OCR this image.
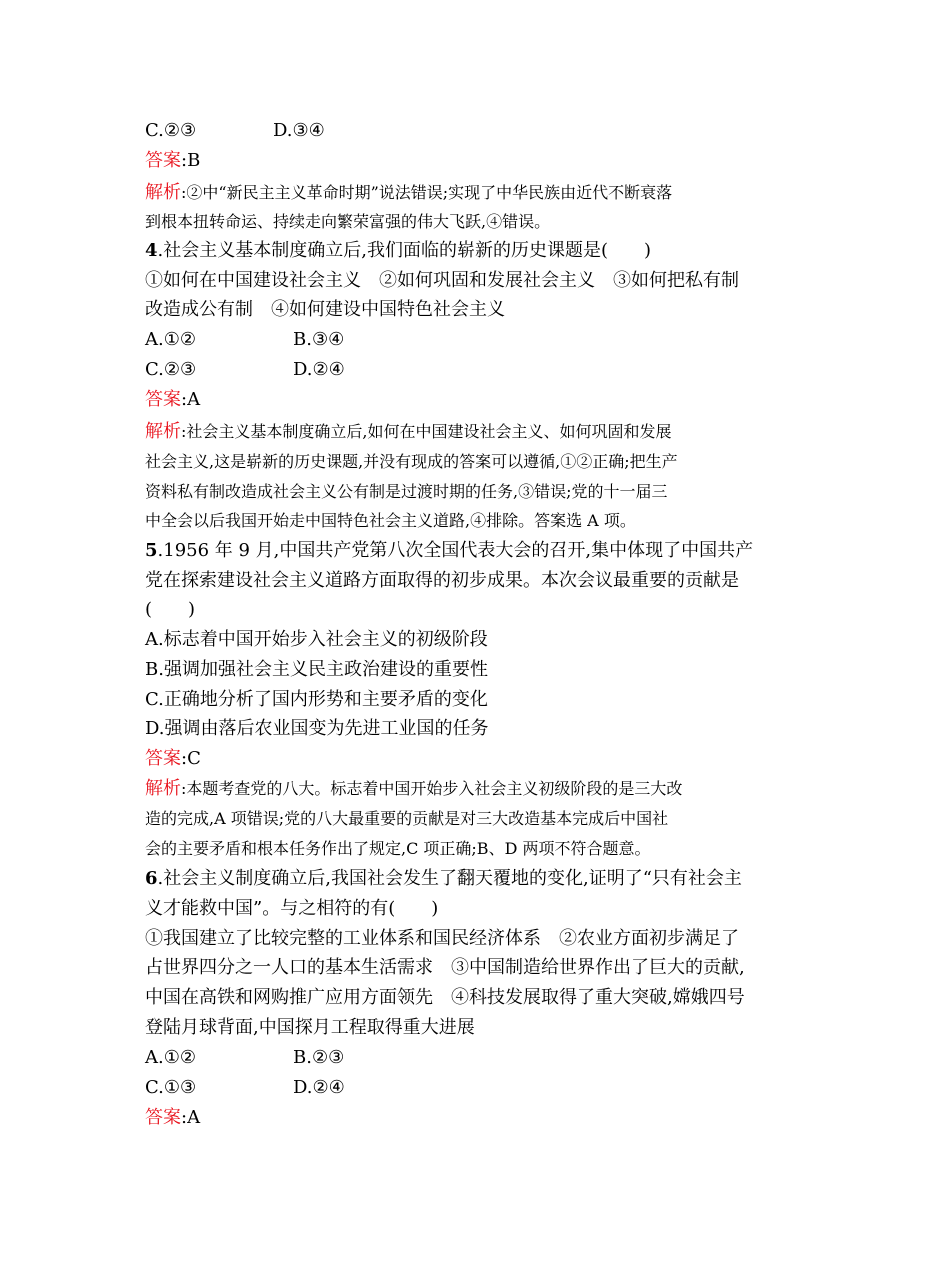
C.②③	D.③④
答案:B
解析:②中“新民主主义革命时期”说法错误;实现了中华民族由近代不断衰落
到根本扭转命运、持续走向繁荣富强的伟大飞跃,④错误。
4.社会主义基本制度确立后,我们面临的崭新的历史课题是(　　)
①如何在中国建设社会主义　②如何巩固和发展社会主义　③如何把私有制
改造成公有制　④如何建设中国特色社会主义
A.①②	B.③④
C.②③	D.②④
答案:A
解析:社会主义基本制度确立后,如何在中国建设社会主义、如何巩固和发展
社会主义,这是崭新的历史课题,并没有现成的答案可以遵循,①②正确;把生产
资料私有制改造成社会主义公有制是过渡时期的任务,③错误;党的十一届三
中全会以后我国开始走中国特色社会主义道路,④排除。答案选 A 项。
5.1956 年 9 月,中国共产党第八次全国代表大会的召开,集中体现了中国共产
党在探索建设社会主义道路方面取得的初步成果。本次会议最重要的贡献是
(　　)
A.标志着中国开始步入社会主义的初级阶段
B.强调加强社会主义民主政治建设的重要性
C.正确地分析了国内形势和主要矛盾的变化
D.强调由落后农业国变为先进工业国的任务
答案:C
解析:本题考查党的八大。标志着中国开始步入社会主义初级阶段的是三大改
造的完成,A 项错误;党的八大最重要的贡献是对三大改造基本完成后中国社
会的主要矛盾和根本任务作出了规定,C 项正确;B、D 两项不符合题意。
6.社会主义制度确立后,我国社会发生了翻天覆地的变化,证明了“只有社会主
义才能救中国”。与之相符的有(　　)
①我国建立了比较完整的工业体系和国民经济体系　②农业方面初步满足了
占世界四分之一人口的基本生活需求　③中国制造给世界作出了巨大的贡献,
中国在高铁和网购推广应用方面领先　④科技发展取得了重大突破,嫦娥四号
登陆月球背面,中国探月工程取得重大进展
A.①②	B.②③
C.①③	D.②④
答案:A
